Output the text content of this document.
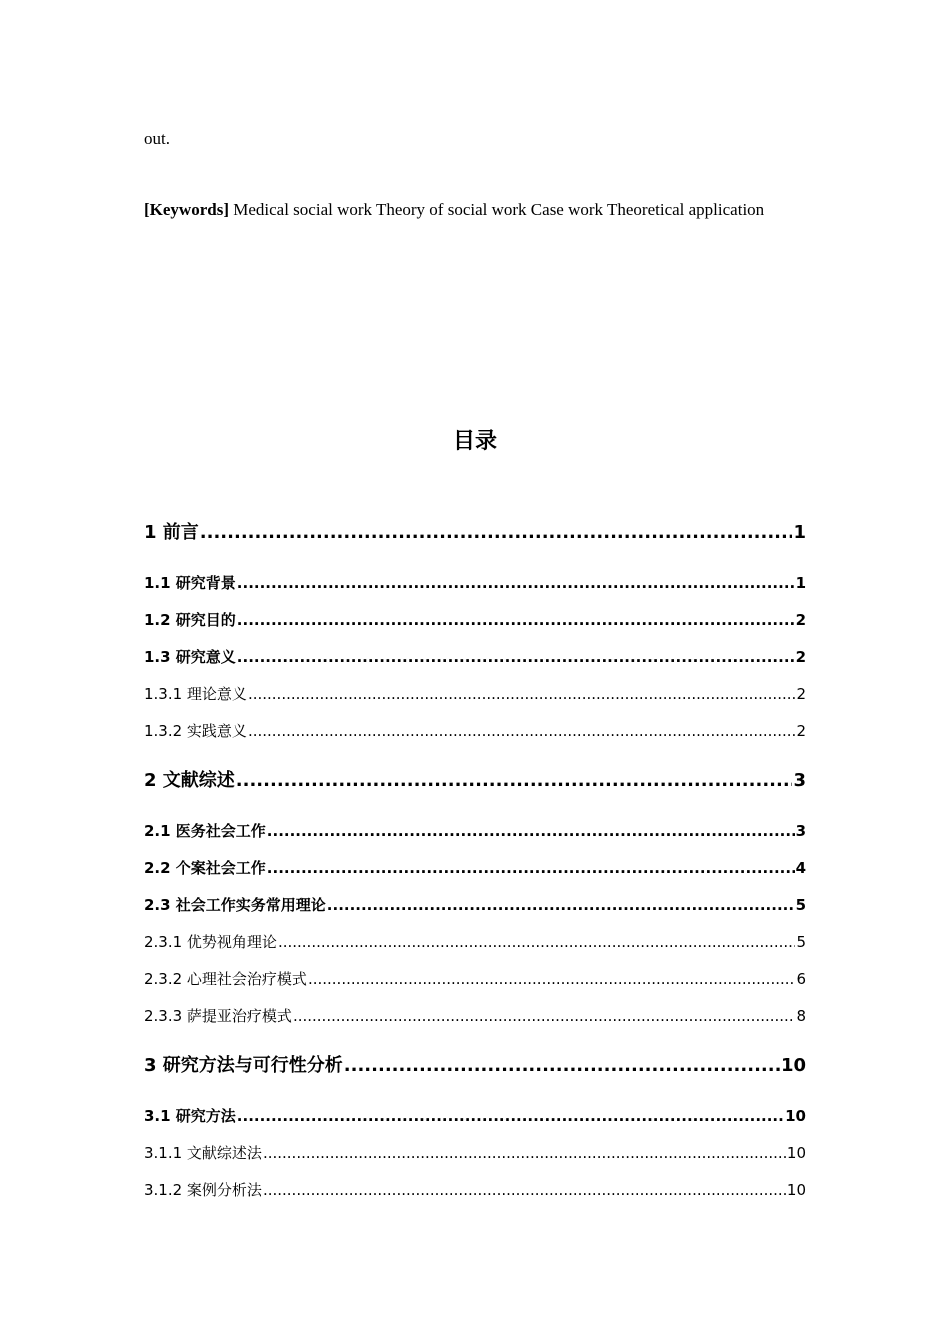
out.
[Keywords] Medical social work Theory of social work Case work Theoretical application
目录
1 前言 .....	1
1.1 研究背景 .....	1
1.2 研究目的 .....	2
1.3 研究意义 .....	2
1.3.1 理论意义 .....	2
1.3.2 实践意义 .....	2
2 文献综述 .....	3
2.1 医务社会工作 .....	3
2.2 个案社会工作 .....	4
2.3 社会工作实务常用理论 .....	5
2.3.1 优势视角理论 .....	5
2.3.2 心理社会治疗模式 .....	6
2.3.3 萨提亚治疗模式 .....	8
3 研究方法与可行性分析 .....	10
3.1 研究方法 .....	10
3.1.1 文献综述法 .....	10
3.1.2 案例分析法 .....	10
